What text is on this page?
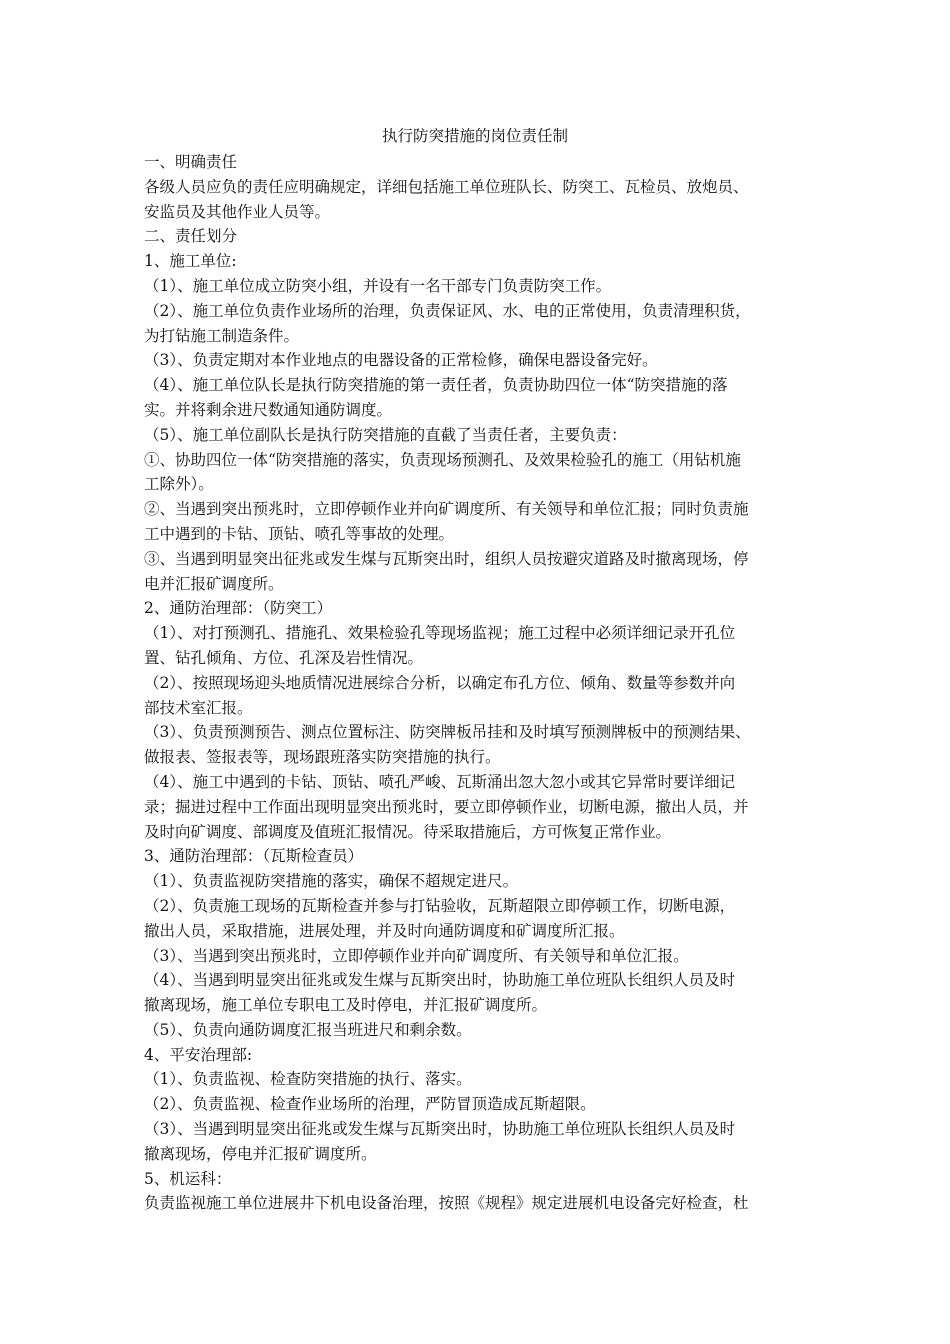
执行防突措施的岗位责任制
一、明确责任
各级人员应负的责任应明确规定，详细包括施工单位班队长、防突工、瓦检员、放炮员、
安监员及其他作业人员等。
二、责任划分
1、施工单位:
（1）、施工单位成立防突小组，并设有一名干部专门负责防突工作。
（2）、施工单位负责作业场所的治理，负责保证风、水、电的正常使用，负责清理积货，
为打钻施工制造条件。
（3）、负责定期对本作业地点的电器设备的正常检修，确保电器设备完好。
（4）、施工单位队长是执行防突措施的第一责任者，负责协助四位一体“防突措施的落
实。并将剩余进尺数通知通防调度。
（5）、施工单位副队长是执行防突措施的直截了当责任者，主要负责：
①、协助四位一体“防突措施的落实，负责现场预测孔、及效果检验孔的施工（用钻机施
工除外）。
②、当遇到突出预兆时，立即停顿作业并向矿调度所、有关领导和单位汇报；同时负责施
工中遇到的卡钻、顶钻、喷孔等事故的处理。
③、当遇到明显突出征兆或发生煤与瓦斯突出时，组织人员按避灾道路及时撤离现场，停
电并汇报矿调度所。
2、通防治理部：（防突工）
（1）、对打预测孔、措施孔、效果检验孔等现场监视；施工过程中必须详细记录开孔位
置、钻孔倾角、方位、孔深及岩性情况。
（2）、按照现场迎头地质情况进展综合分析，以确定布孔方位、倾角、数量等参数并向
部技术室汇报。
（3）、负责预测预告、测点位置标注、防突牌板吊挂和及时填写预测牌板中的预测结果、
做报表、签报表等，现场跟班落实防突措施的执行。
（4）、施工中遇到的卡钻、顶钻、喷孔严峻、瓦斯涌出忽大忽小或其它异常时要详细记
录；掘进过程中工作面出现明显突出预兆时，要立即停顿作业，切断电源，撤出人员，并
及时向矿调度、部调度及值班汇报情况。待采取措施后，方可恢复正常作业。
3、通防治理部：（瓦斯检查员）
（1）、负责监视防突措施的落实，确保不超规定进尺。
（2）、负责施工现场的瓦斯检查并参与打钻验收，瓦斯超限立即停顿工作，切断电源，
撤出人员，采取措施，进展处理，并及时向通防调度和矿调度所汇报。
（3）、当遇到突出预兆时，立即停顿作业并向矿调度所、有关领导和单位汇报。
（4）、当遇到明显突出征兆或发生煤与瓦斯突出时，协助施工单位班队长组织人员及时
撤离现场，施工单位专职电工及时停电，并汇报矿调度所。
（5）、负责向通防调度汇报当班进尺和剩余数。
4、平安治理部:
（1）、负责监视、检查防突措施的执行、落实。
（2）、负责监视、检查作业场所的治理，严防冒顶造成瓦斯超限。
（3）、当遇到明显突出征兆或发生煤与瓦斯突出时，协助施工单位班队长组织人员及时
撤离现场，停电并汇报矿调度所。
5、机运科：
负责监视施工单位进展井下机电设备治理，按照《规程》规定进展机电设备完好检查，杜
